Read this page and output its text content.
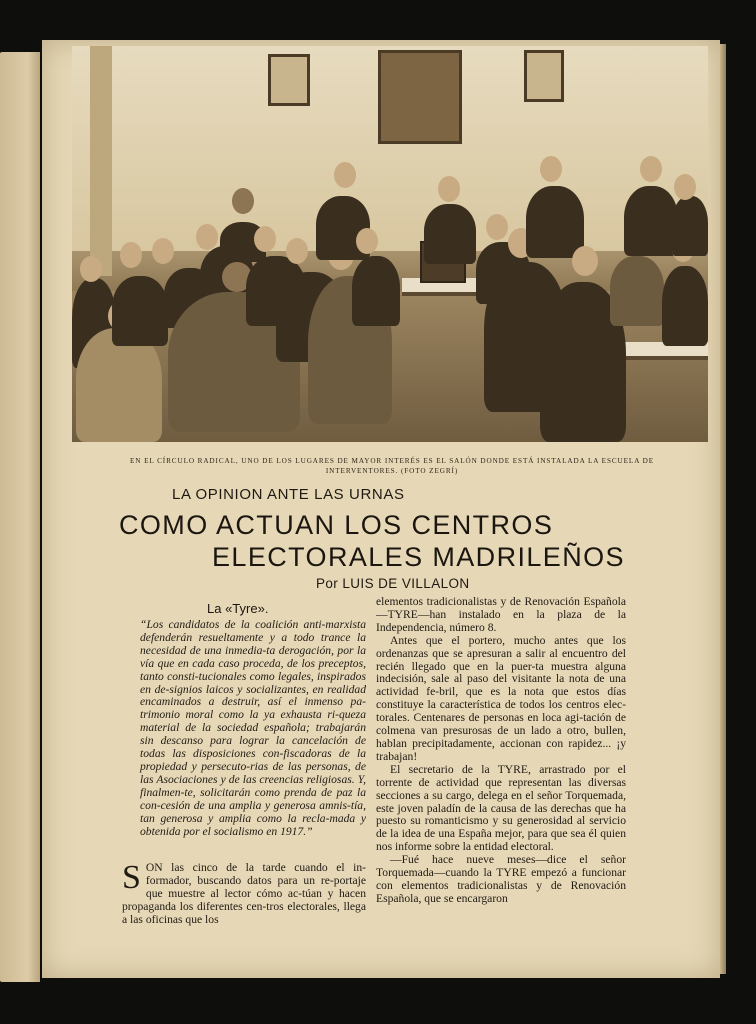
EN EL CÍRCULO RADICAL, UNO DE LOS LUGARES DE MAYOR INTERÉS ES EL SALÓN DONDE ESTÁ INSTALADA LA ESCUELA DE INTERVENTORES. (FOTO ZEGRÍ)
LA OPINION ANTE LAS URNAS
COMO ACTUAN LOS CENTROS
ELECTORALES MADRILEÑOS
Por LUIS DE VILLALON
La «Tyre».

“Los candidatos de la coalición anti-marxista defenderán resueltamente y a todo trance la necesidad de una inmedia-ta derogación, por la vía que en cada caso proceda, de los preceptos, tanto consti-tucionales como legales, inspirados en de-signios laicos y socializantes, en realidad encaminados a destruir, así el inmenso pa-trimonio moral como la ya exhausta ri-queza material de la sociedad española; trabajarán sin descanso para lograr la cancelación de todas las disposiciones con-fiscadoras de la propiedad y persecuto-rias de las personas, de las Asociaciones y de las creencias religiosas. Y, finalmen-te, solicitarán como prenda de paz la con-cesión de una amplia y generosa amnis-tía, tan generosa y amplia como la recla-mada y obtenida por el socialismo en 1917.”

S ON las cinco de la tarde cuando el in-formador, buscando datos para un re-portaje que muestre al lector cómo ac-túan y hacen propaganda los diferentes cen-tros electorales, llega a las oficinas que los

elementos tradicionalistas y de Renovación Española—TYRE—han instalado en la plaza de la Independencia, número 8.

Antes que el portero, mucho antes que los ordenanzas que se apresuran a salir al encuentro del recién llegado que en la puer-ta muestra alguna indecisión, sale al paso del visitante la nota de una actividad fe-bril, que es la nota que estos días constituye la característica de todos los centros elec-torales. Centenares de personas en loca agi-tación de colmena van presurosas de un lado a otro, bullen, hablan precipitadamente, accionan con rapidez... ¡y trabajan!

El secretario de la TYRE, arrastrado por el torrente de actividad que representan las diversas secciones a su cargo, delega en el señor Torquemada, este joven paladín de la causa de las derechas que ha puesto su romanticismo y su generosidad al servicio de la idea de una España mejor, para que sea él quien nos informe sobre la entidad electoral.

—Fué hace nueve meses—dice el señor Torquemada—cuando la TYRE empezó a funcionar con elementos tradicionalistas y de Renovación Española, que se encargaron
